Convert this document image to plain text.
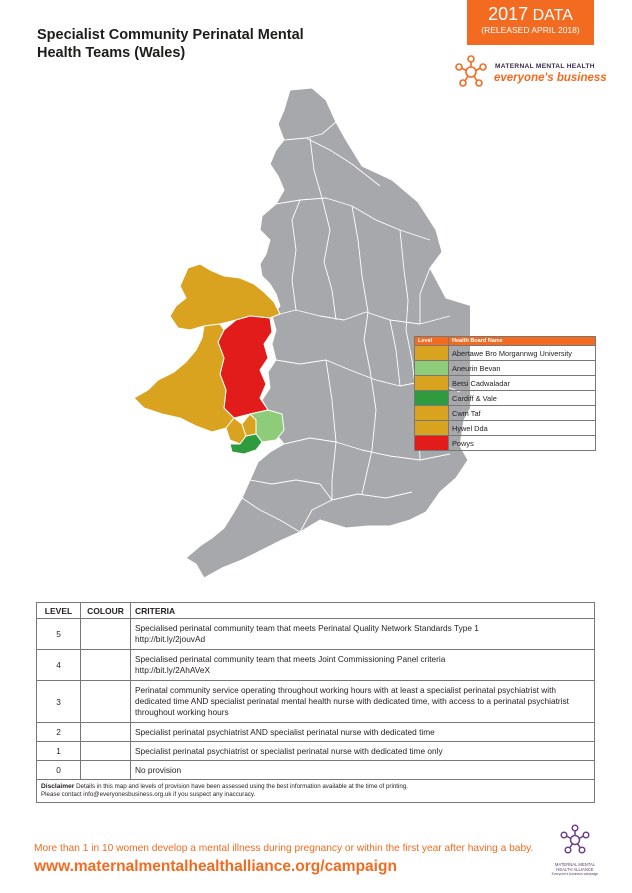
Specialist Community Perinatal Mental Health Teams (Wales)
2017 DATA
(RELEASED APRIL 2018)
MATERNAL MENTAL HEALTH
everyone's business
Level	Health Board Name

	Abertawe Bro Morgannwg University

	Aneurin Bevan

	Betsi Cadwaladar

	Cardiff & Vale

	Cwm Taf

	Hywel Dda

	Powys
LEVEL	COLOUR	CRITERIA
5		Specialised perinatal community team that meets Perinatal Quality Network Standards Type 1
http://bit.ly/2jouvAd

4		Specialised perinatal community team that meets Joint Commissioning Panel criteria
http://bit.ly/2AhAVeX

3		Perinatal community service operating throughout working hours with at least a specialist perinatal psychiatrist with dedicated time AND specialist perinatal mental health nurse with dedicated time, with access to a perinatal psychiatrist throughout working hours

2		Specialist perinatal psychiatrist AND specialist perinatal nurse with dedicated time

1		Specialist perinatal psychiatrist or specialist perinatal nurse with dedicated time only

0		No provision

Disclaimer Details in this map and levels of provision have been assessed using the best information available at the time of printing.
Please contact info@everyonesbusiness.org.uk if you suspect any inaccuracy.		
More than 1 in 10 women develop a mental illness during pregnancy or within the first year after having a baby.
www.maternalmentalhealthalliance.org/campaign	MATERNAL MENTAL
HEALTH ALLIANCE
Everyone's business campaign
